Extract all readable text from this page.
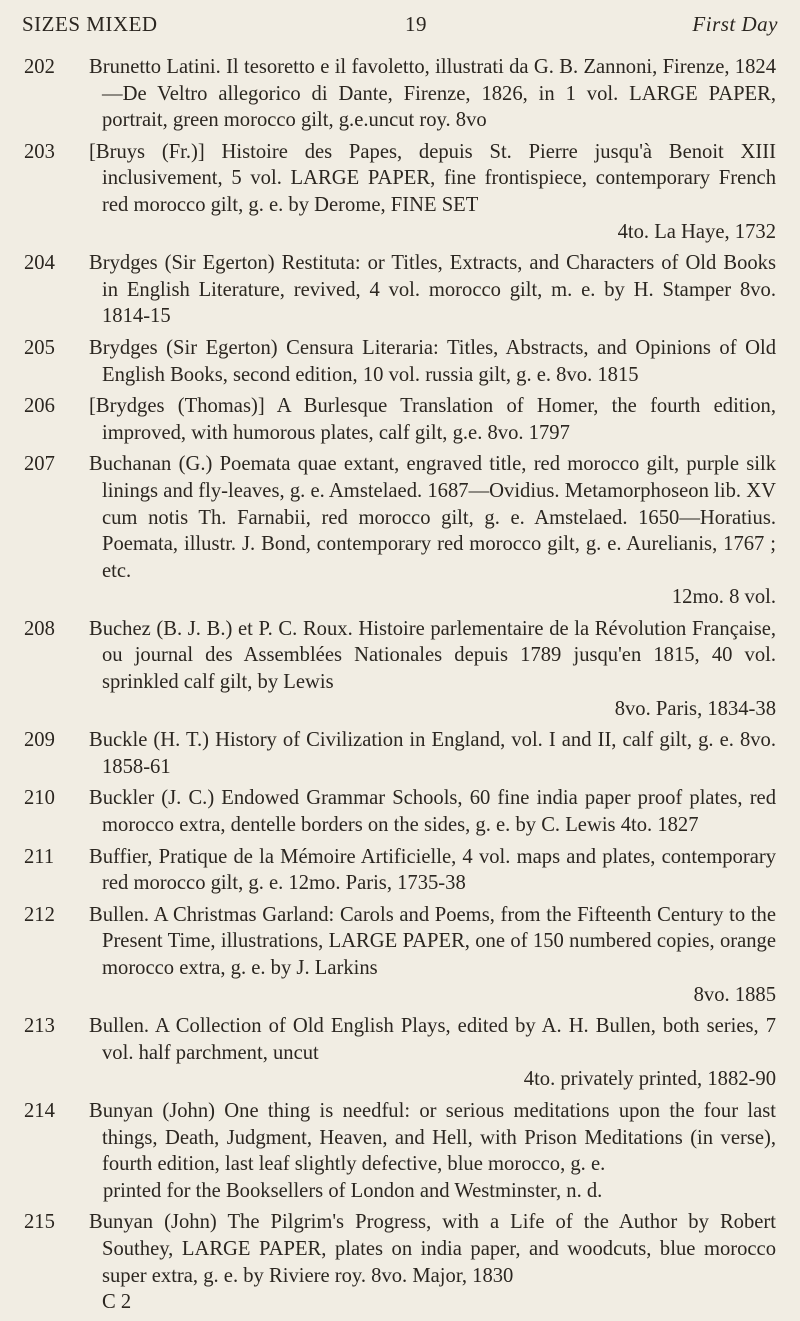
SIZES MIXED	19	First Day
202 Brunetto Latini. Il tesoretto e il favoletto, illustrati da G. B. Zannoni, Firenze, 1824—De Veltro allegorico di Dante, Firenze, 1826, in 1 vol. LARGE PAPER, portrait, green morocco gilt, g.e.uncut roy. 8vo
203 [Bruys (Fr.)] Histoire des Papes, depuis St. Pierre jusqu'à Benoit XIII inclusivement, 5 vol. LARGE PAPER, fine frontispiece, contemporary French red morocco gilt, g. e. by Derome, FINE SET
4to. La Haye, 1732
204 Brydges (Sir Egerton) Restituta: or Titles, Extracts, and Characters of Old Books in English Literature, revived, 4 vol. morocco gilt, m. e. by H. Stamper 8vo. 1814-15
205 Brydges (Sir Egerton) Censura Literaria: Titles, Abstracts, and Opinions of Old English Books, second edition, 10 vol. russia gilt, g. e. 8vo. 1815
206 [Brydges (Thomas)] A Burlesque Translation of Homer, the fourth edition, improved, with humorous plates, calf gilt, g.e. 8vo. 1797
207 Buchanan (G.) Poemata quae extant, engraved title, red morocco gilt, purple silk linings and fly-leaves, g. e. Amstelaed. 1687—Ovidius. Metamorphoseon lib. XV cum notis Th. Farnabii, red morocco gilt, g. e. Amstelaed. 1650—Horatius. Poemata, illustr. J. Bond, contemporary red morocco gilt, g. e. Aurelianis, 1767 ; etc.
12mo. 8 vol.
208 Buchez (B. J. B.) et P. C. Roux. Histoire parlementaire de la Révolution Française, ou journal des Assemblées Nationales depuis 1789 jusqu'en 1815, 40 vol. sprinkled calf gilt, by Lewis
8vo. Paris, 1834-38
209 Buckle (H. T.) History of Civilization in England, vol. I and II, calf gilt, g. e. 8vo. 1858-61
210 Buckler (J. C.) Endowed Grammar Schools, 60 fine india paper proof plates, red morocco extra, dentelle borders on the sides, g. e. by C. Lewis 4to. 1827
211 Buffier, Pratique de la Mémoire Artificielle, 4 vol. maps and plates, contemporary red morocco gilt, g. e. 12mo. Paris, 1735-38
212 Bullen. A Christmas Garland: Carols and Poems, from the Fifteenth Century to the Present Time, illustrations, LARGE PAPER, one of 150 numbered copies, orange morocco extra, g. e. by J. Larkins
8vo. 1885
213 Bullen. A Collection of Old English Plays, edited by A. H. Bullen, both series, 7 vol. half parchment, uncut
4to. privately printed, 1882-90
214 Bunyan (John) One thing is needful: or serious meditations upon the four last things, Death, Judgment, Heaven, and Hell, with Prison Meditations (in verse), fourth edition, last leaf slightly defective, blue morocco, g. e.
printed for the Booksellers of London and Westminster, n. d.
215 Bunyan (John) The Pilgrim's Progress, with a Life of the Author by Robert Southey, LARGE PAPER, plates on india paper, and woodcuts, blue morocco super extra, g. e. by Riviere roy. 8vo. Major, 1830
C 2
